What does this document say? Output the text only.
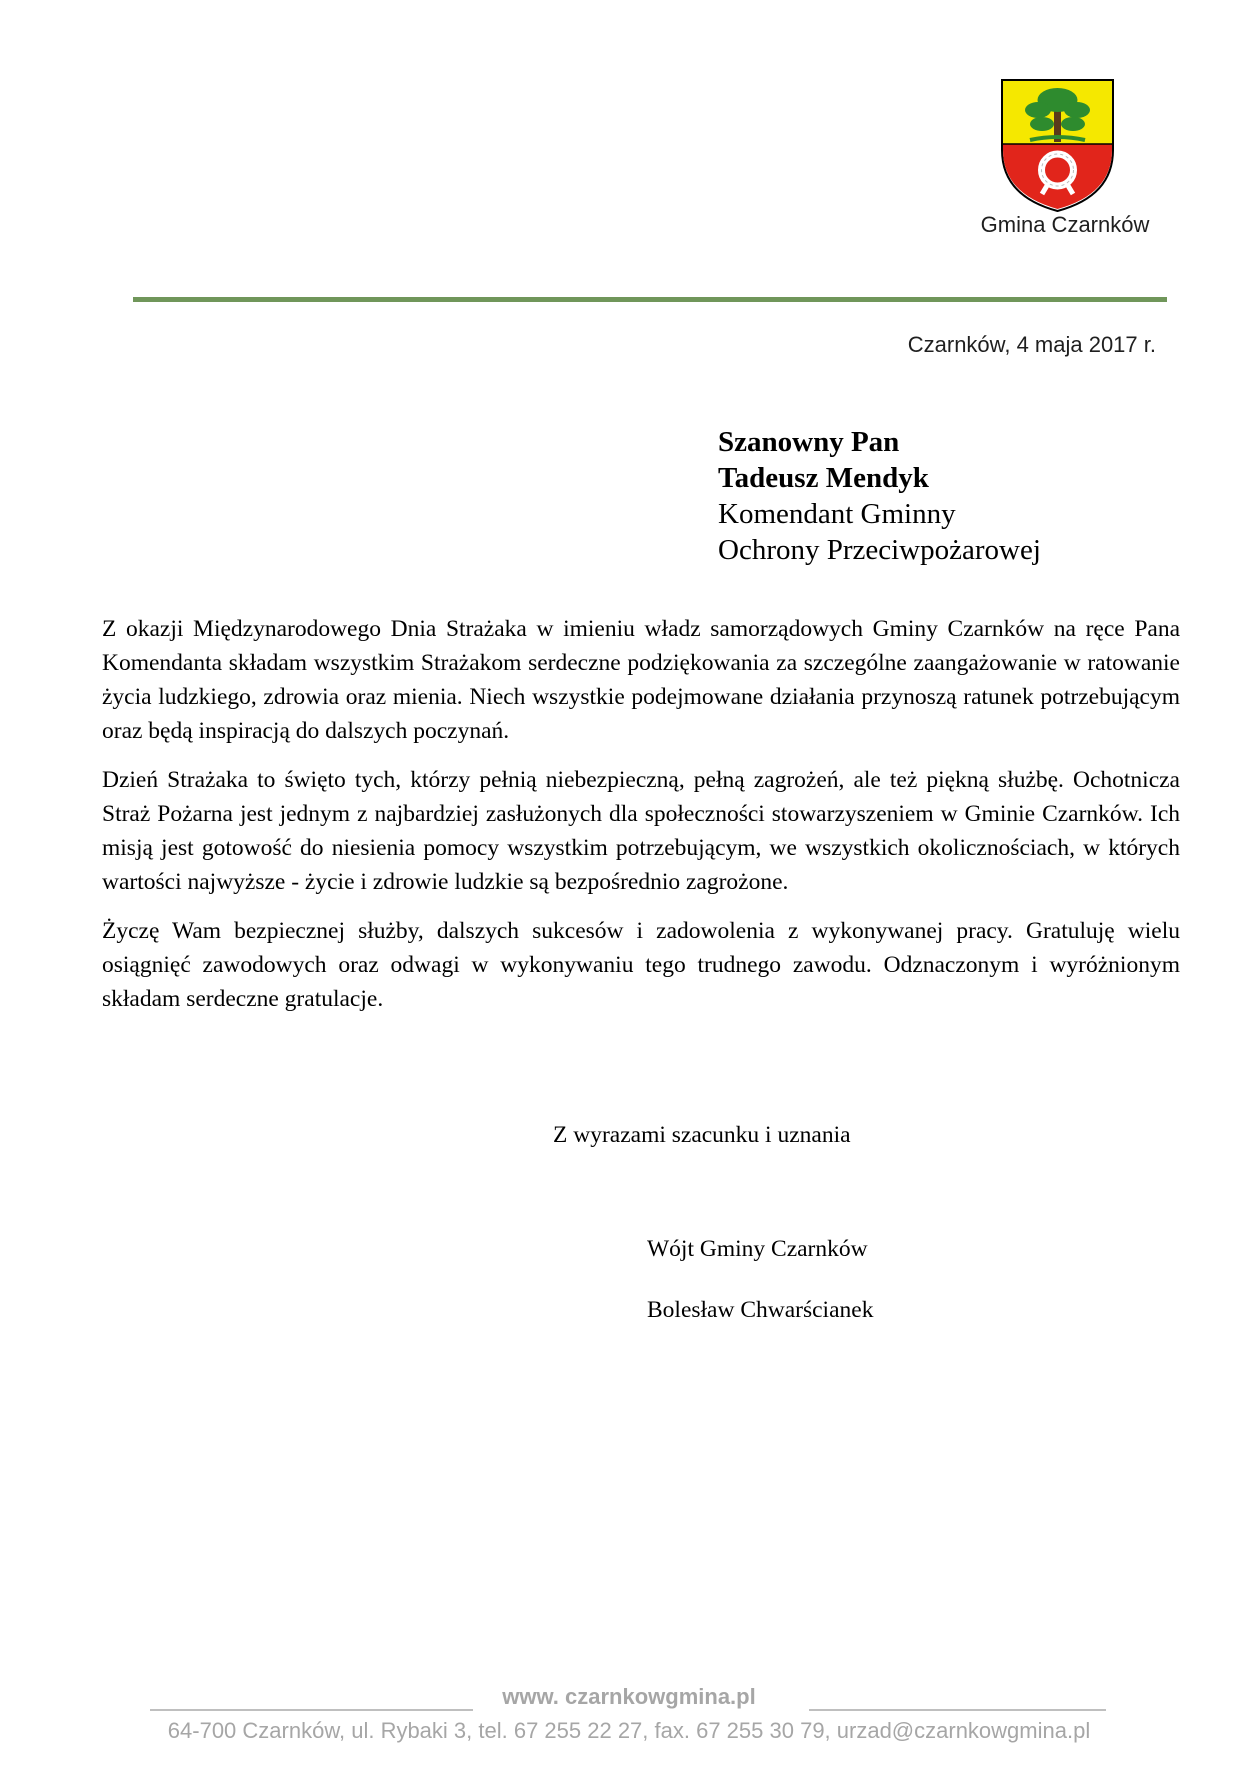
Gmina Czarnków
Czarnków, 4 maja 2017 r.
Szanowny Pan
Tadeusz Mendyk
Komendant Gminny
Ochrony Przeciwpożarowej

Z okazji Międzynarodowego Dnia Strażaka w imieniu władz samorządowych Gminy Czarnków na ręce Pana Komendanta składam wszystkim Strażakom serdeczne podziękowania za szczególne zaangażowanie w ratowanie życia ludzkiego, zdrowia oraz mienia. Niech wszystkie podejmowane działania przynoszą ratunek potrzebującym oraz będą inspiracją do dalszych poczynań.

Dzień Strażaka to święto tych, którzy pełnią niebezpieczną, pełną zagrożeń, ale też piękną służbę. Ochotnicza Straż Pożarna jest jednym z najbardziej zasłużonych dla społeczności stowarzyszeniem w Gminie Czarnków. Ich misją jest gotowość do niesienia pomocy wszystkim potrzebującym, we wszystkich okolicznościach, w których wartości najwyższe - życie i zdrowie ludzkie są bezpośrednio zagrożone.

Życzę Wam bezpiecznej służby, dalszych sukcesów i zadowolenia z wykonywanej pracy. Gratuluję wielu osiągnięć zawodowych oraz odwagi w wykonywaniu tego trudnego zawodu. Odznaczonym i wyróżnionym składam serdeczne gratulacje.

Z wyrazami szacunku i uznania
Wójt Gminy Czarnków
Bolesław Chwarścianek
www. czarnkowgmina.pl
64-700 Czarnków, ul. Rybaki 3, tel. 67 255 22 27, fax. 67 255 30 79, urzad@czarnkowgmina.pl
